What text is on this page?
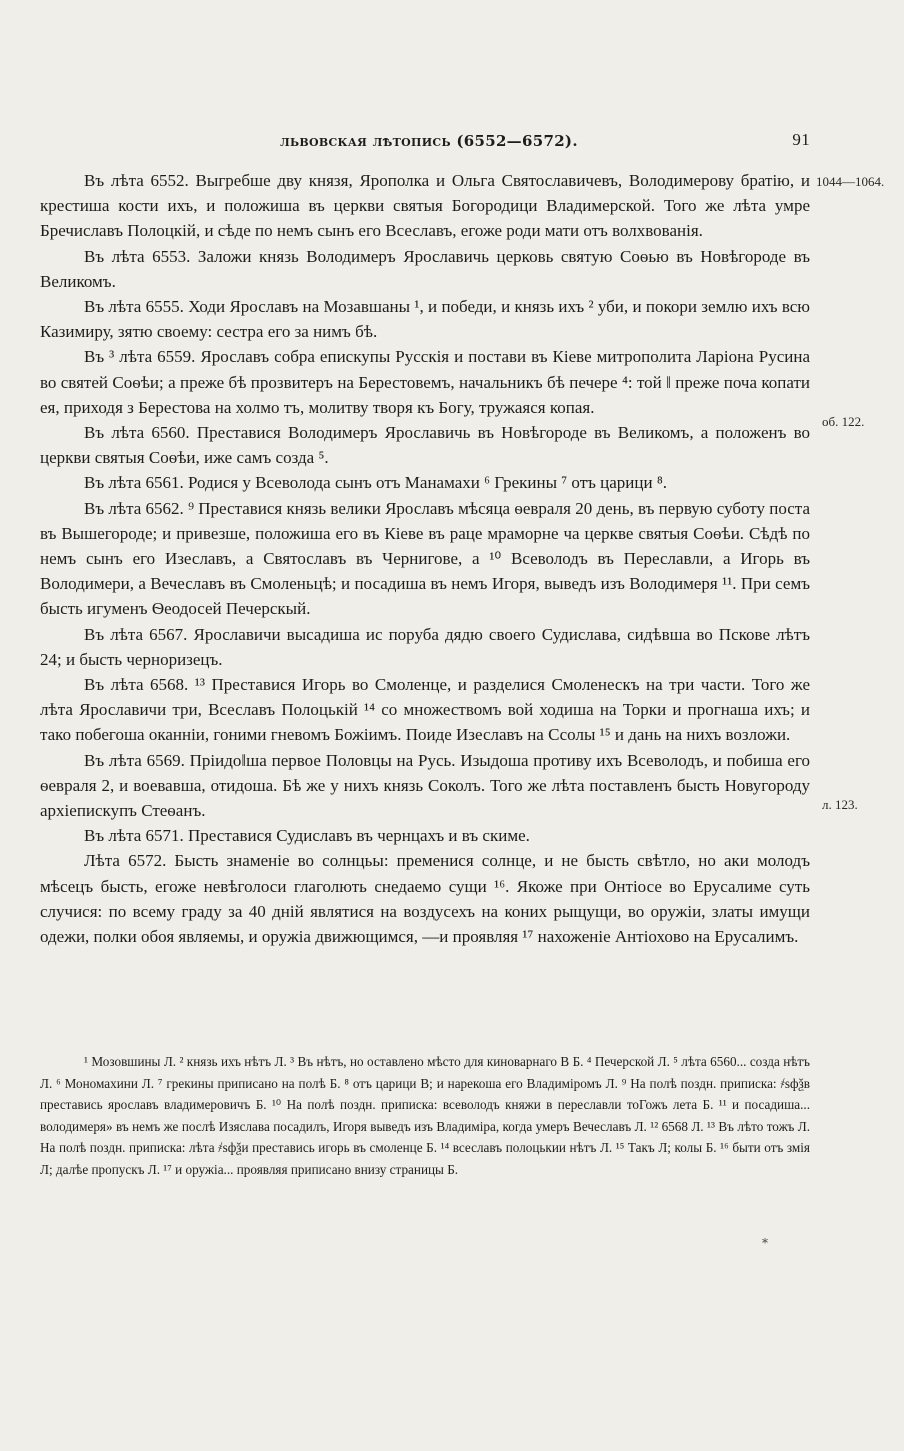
львовская лѣтопись (6552—6572).	91
1044—1064.
об. 122.
л. 123.

Въ лѣта 6552. Выгребше дву князя, Ярополка и Ольга Святославичевъ, Володимерову братію, и крестиша кости ихъ, и положиша въ церкви святыя Богородици Владимерской. Того же лѣта умре Бречиславъ Полоцкій, и сѣде по немъ сынъ его Всеславъ, егоже роди мати отъ волхвованія.

Въ лѣта 6553. Заложи князь Володимеръ Ярославичь церковь святую Соѳью въ Новѣгороде въ Великомъ.

Въ лѣта 6555. Ходи Ярославъ на Мозавшаны ¹, и победи, и князь ихъ ² уби, и покори землю ихъ всю Казимиру, зятю своему: сестра его за нимъ бѣ.

Въ ³ лѣта 6559. Ярославъ собра епискупы Русскія и постави въ Кіеве митрополита Ларіона Русина во святей Соѳѣи; а преже бѣ прозвитеръ на Берестовемъ, начальникъ бѣ печере ⁴: той ‖ преже поча копати ея, приходя з Берестова на холмо тъ, молитву творя къ Богу, тружаяся копая.

Въ лѣта 6560. Преставися Володимеръ Ярославичь въ Новѣгороде въ Великомъ, а положенъ во церкви святыя Соѳѣи, иже самъ созда ⁵.

Въ лѣта 6561. Родися у Всеволода сынъ отъ Манамахи ⁶ Грекины ⁷ отъ царици ⁸.

Въ лѣта 6562. ⁹ Преставися князь велики Ярославъ мѣсяца ѳевраля 20 день, въ первую суботу поста въ Вышегороде; и привезше, положиша его въ Кіеве въ раце мраморне ча церкве святыя Соѳѣи. Сѣдѣ по немъ сынъ его Изеславъ, а Святославъ въ Чернигове, а ¹⁰ Всеволодъ въ Переславли, а Игорь въ Володимери, а Вечеславъ въ Смоленьцѣ; и посадиша въ немъ Игоря, выведъ изъ Володимеря ¹¹. При семъ бысть игуменъ Ѳеодосей Печерскый.

Въ лѣта 6567. Ярославичи высадиша ис поруба дядю своего Судислава, сидѣвша во Пскове лѣтъ 24; и бысть черноризецъ.

Въ лѣта 6568. ¹³ Преставися Игорь во Смоленце, и разделися Смоленескъ на три части. Того же лѣта Ярославичи три, Всеславъ Полоцькій ¹⁴ со множествомъ вой ходиша на Торки и прогнаша ихъ; и тако побегоша оканніи, гоними гневомъ Божіимъ. Поиде Изеславъ на Ссолы ¹⁵ и дань на нихъ возложи.

Въ лѣта 6569. Пріидо‖ша первое Половцы на Русь. Изыдоша противу ихъ Всеволодъ, и побиша его ѳевраля 2, и воевавша, отидоша. Бѣ же у нихъ князь Соколъ. Того же лѣта поставленъ бысть Новугороду архіепискупъ Стеѳанъ.

Въ лѣта 6571. Преставися Судиславъ въ чернцахъ и въ скиме.

Лѣта 6572. Бысть знаменіе во солнцьы: пременися солнце, и не бысть свѣтло, но аки молодъ мѣсецъ бысть, егоже невѣголоси глаголють снедаемо сущи ¹⁶. Якоже при Онтіосе во Ерусалиме суть случися: по всему граду за 40 дній являтися на воздусехъ на коних рыщущи, во оружіи, златы имущи одежи, полки обоя являемы, и оружіа движющимся, —и проявляя ¹⁷ нахоженіе Антіохово на Ерусалимъ.

¹ Мозовшины Л. ² князь ихъ нѣтъ Л. ³ Въ нѣтъ, но оставлено мѣсто для киноварнаго В Б. ⁴ Печерской Л. ⁵ лѣта 6560... созда нѣтъ Л. ⁶ Мономахини Л. ⁷ грекины приписано на полѣ Б. ⁸ отъ царици В; и нарекоша его Владиміромъ Л. ⁹ На полѣ поздн. приписка: ҂ѕфѯв преставись ярославъ владимеровичъ Б. ¹⁰ На полѣ поздн. приписка: всеволодъ княжи в переславли тоГожъ лета Б. ¹¹ и посадиша... володимеря» въ немъ же послѣ Изяслава посадилъ, Игоря выведъ изъ Владиміра, когда умеръ Вечеславъ Л. ¹² 6568 Л. ¹³ Въ лѣто тожъ Л. На полѣ поздн. приписка: лѣта ҂ѕфѯи преставись игорь въ смоленце Б. ¹⁴ всеславъ полоцькии нѣтъ Л. ¹⁵ Такъ Л; колы Б. ¹⁶ быти отъ змія Л; далѣе пропускъ Л. ¹⁷ и оружіа... проявляя приписано внизу страницы Б.

*
